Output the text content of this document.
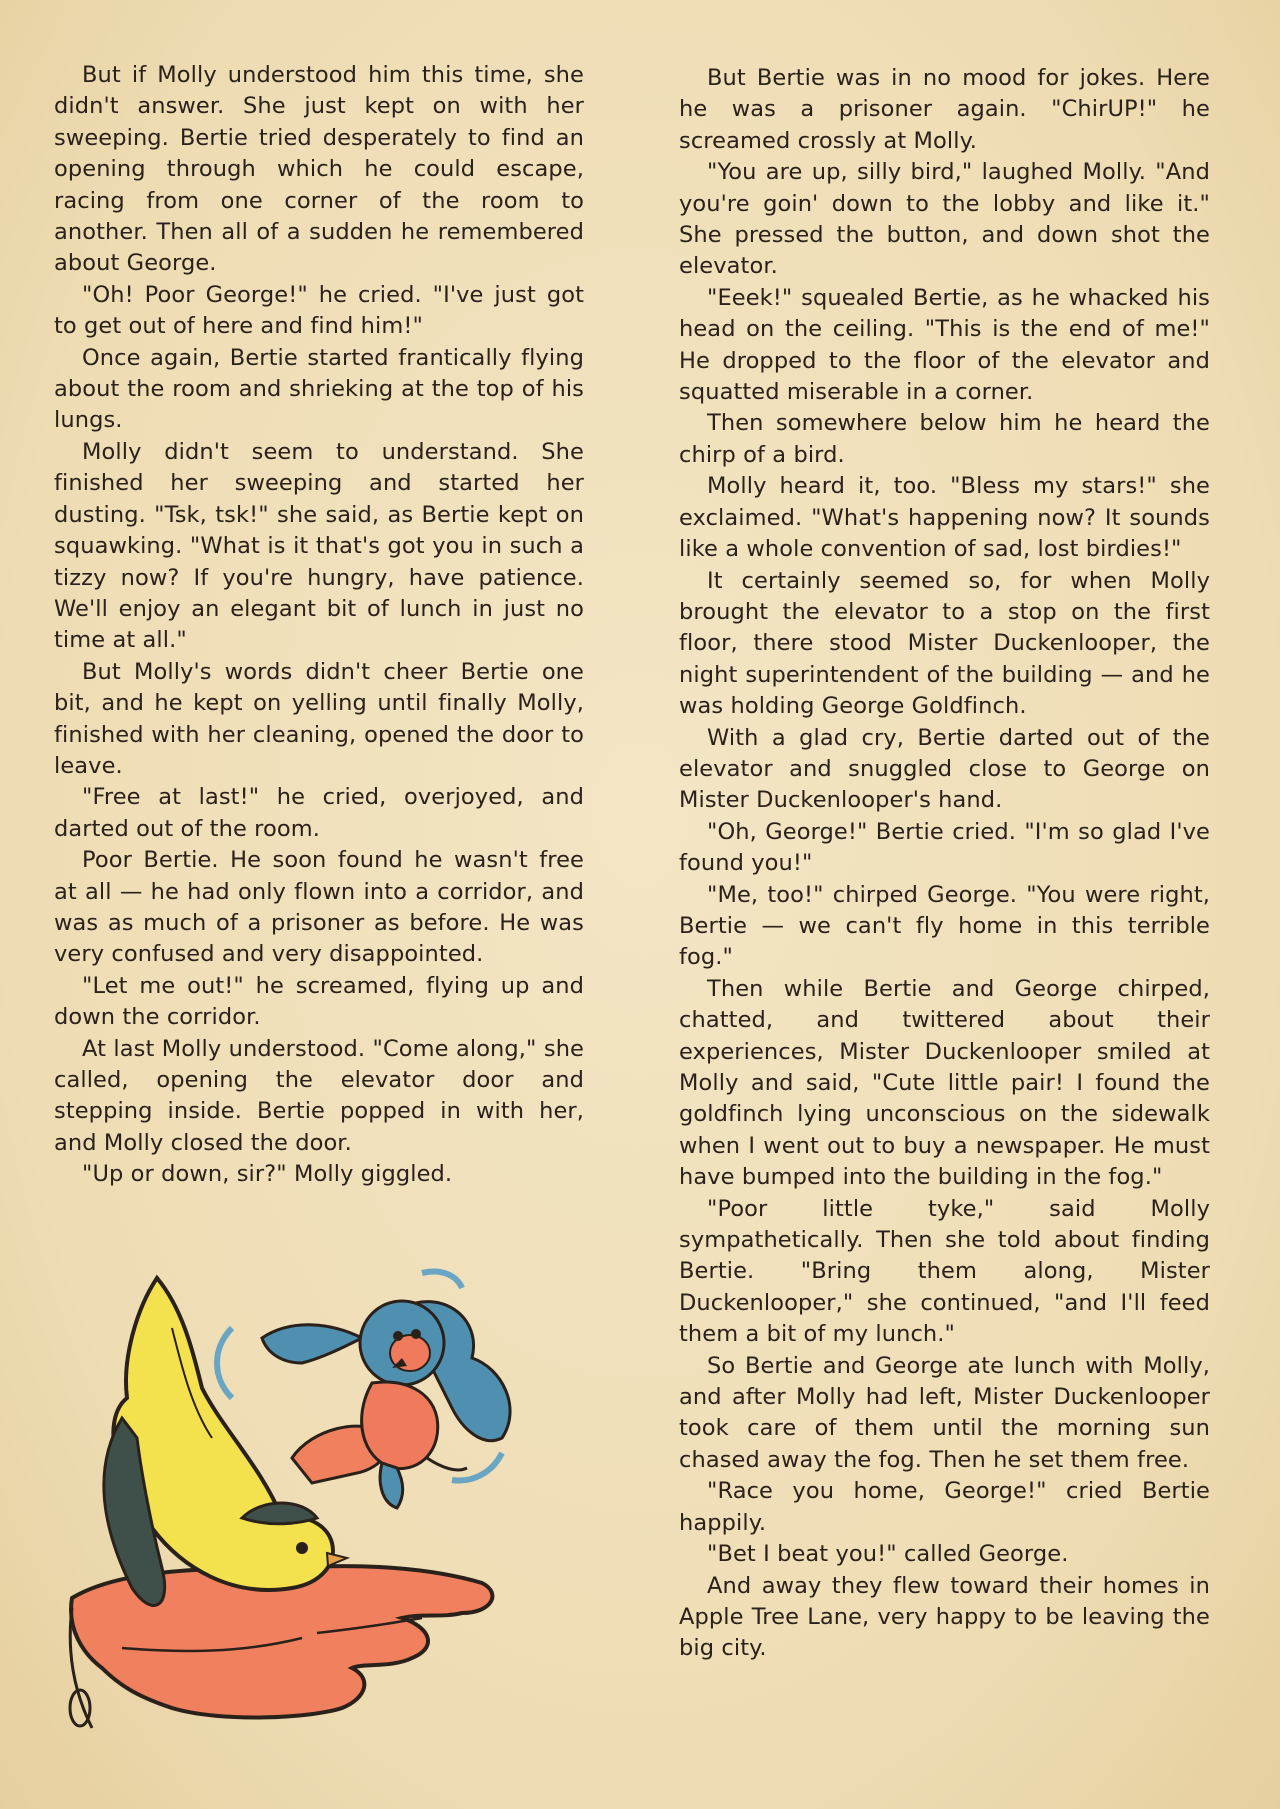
But if Molly understood him this time, she didn't answer. She just kept on with her sweeping. Bertie tried desperately to find an opening through which he could escape, racing from one corner of the room to another. Then all of a sudden he remembered about George.

"Oh! Poor George!" he cried. "I've just got to get out of here and find him!"

Once again, Bertie started frantically flying about the room and shrieking at the top of his lungs.

Molly didn't seem to understand. She finished her sweeping and started her dusting. "Tsk, tsk!" she said, as Bertie kept on squawking. "What is it that's got you in such a tizzy now? If you're hungry, have patience. We'll enjoy an elegant bit of lunch in just no time at all."

But Molly's words didn't cheer Bertie one bit, and he kept on yelling until finally Molly, finished with her cleaning, opened the door to leave.

"Free at last!" he cried, overjoyed, and darted out of the room.

Poor Bertie. He soon found he wasn't free at all — he had only flown into a corridor, and was as much of a prisoner as before. He was very confused and very disappointed.

"Let me out!" he screamed, flying up and down the corridor.

At last Molly understood. "Come along," she called, opening the elevator door and stepping inside. Bertie popped in with her, and Molly closed the door.

"Up or down, sir?" Molly giggled.

But Bertie was in no mood for jokes. Here he was a prisoner again. "ChirUP!" he screamed crossly at Molly.

"You are up, silly bird," laughed Molly. "And you're goin' down to the lobby and like it." She pressed the button, and down shot the elevator.

"Eeek!" squealed Bertie, as he whacked his head on the ceiling. "This is the end of me!" He dropped to the floor of the elevator and squatted miserable in a corner.

Then somewhere below him he heard the chirp of a bird.

Molly heard it, too. "Bless my stars!" she exclaimed. "What's happening now? It sounds like a whole convention of sad, lost birdies!"

It certainly seemed so, for when Molly brought the elevator to a stop on the first floor, there stood Mister Duckenlooper, the night superintendent of the building — and he was holding George Goldfinch.

With a glad cry, Bertie darted out of the elevator and snuggled close to George on Mister Duckenlooper's hand.

"Oh, George!" Bertie cried. "I'm so glad I've found you!"

"Me, too!" chirped George. "You were right, Bertie — we can't fly home in this terrible fog."

Then while Bertie and George chirped, chatted, and twittered about their experiences, Mister Duckenlooper smiled at Molly and said, "Cute little pair! I found the goldfinch lying unconscious on the sidewalk when I went out to buy a newspaper. He must have bumped into the building in the fog."

"Poor little tyke," said Molly sympathetically. Then she told about finding Bertie. "Bring them along, Mister Duckenlooper," she continued, "and I'll feed them a bit of my lunch."

So Bertie and George ate lunch with Molly, and after Molly had left, Mister Duckenlooper took care of them until the morning sun chased away the fog. Then he set them free.

"Race you home, George!" cried Bertie happily.

"Bet I beat you!" called George.

And away they flew toward their homes in Apple Tree Lane, very happy to be leaving the big city.
